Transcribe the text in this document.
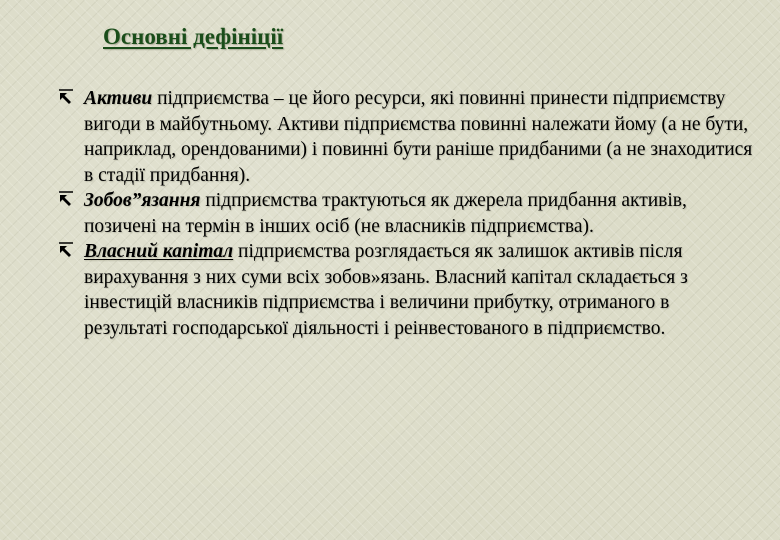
Основні дефініції
Активи підприємства – це його ресурси, які повинні принести підприємству вигоди в майбутньому. Активи підприємства повинні належати йому (а не бути, наприклад, орендованими) і повинні бути раніше придбаними (а не знаходитися в стадії придбання).
Зобов”язання підприємства трактуються як джерела придбання активів, позичені на термін в інших осіб (не власників підприємства).
Власний капітал підприємства розглядається як залишок активів після вирахування з них суми всіх зобов»язань. Власний капітал складається з інвестицій власників підприємства і величини прибутку, отриманого в результаті господарської діяльності і реінвестованого в підприємство.
